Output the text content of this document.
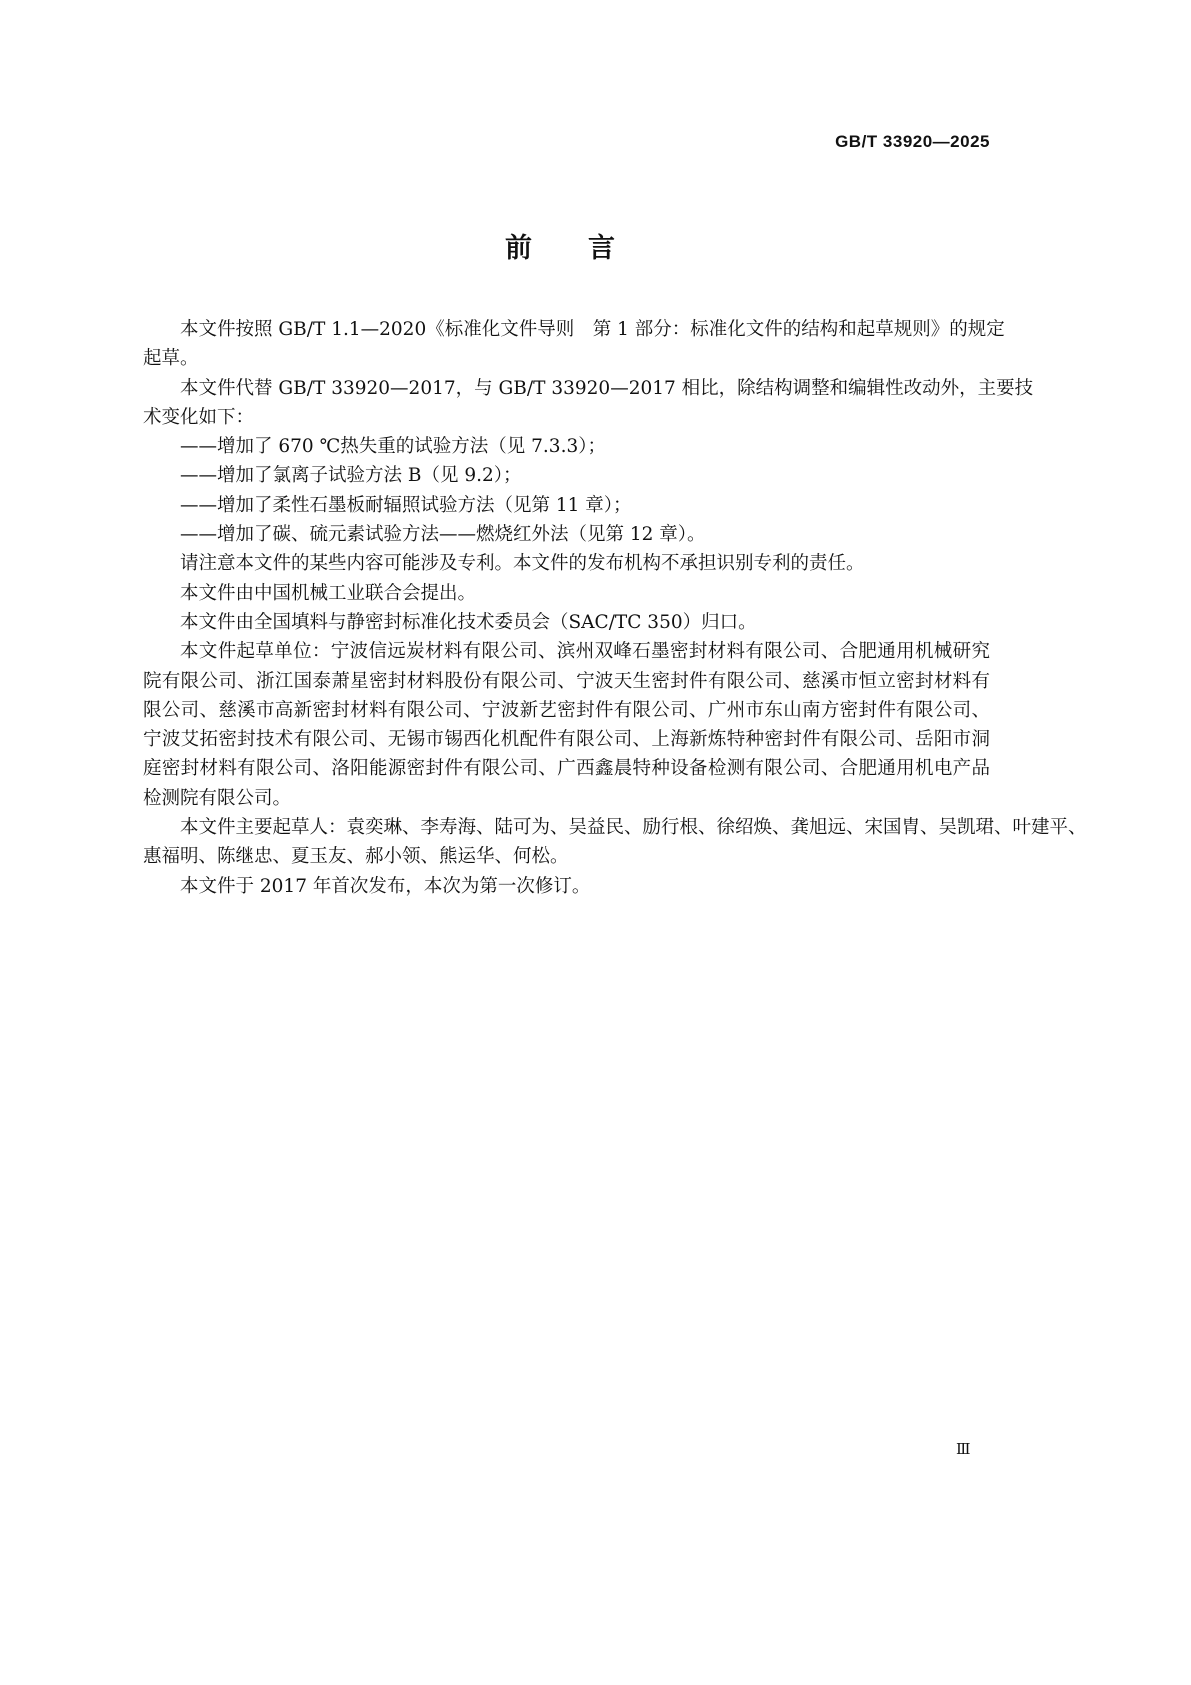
GB/T 33920—2025
前 言
本文件按照 GB/T 1.1—2020《标准化文件导则　第 1 部分：标准化文件的结构和起草规则》的规定
起草。
本文件代替 GB/T 33920—2017，与 GB/T 33920—2017 相比，除结构调整和编辑性改动外，主要技
术变化如下：
——增加了 670 ℃热失重的试验方法（见 7.3.3）；
——增加了氯离子试验方法 B（见 9.2）；
——增加了柔性石墨板耐辐照试验方法（见第 11 章）；
——增加了碳、硫元素试验方法——燃烧红外法（见第 12 章）。
请注意本文件的某些内容可能涉及专利。本文件的发布机构不承担识别专利的责任。
本文件由中国机械工业联合会提出。
本文件由全国填料与静密封标准化技术委员会（SAC/TC 350）归口。
本文件起草单位：宁波信远炭材料有限公司、滨州双峰石墨密封材料有限公司、合肥通用机械研究
院有限公司、浙江国泰萧星密封材料股份有限公司、宁波天生密封件有限公司、慈溪市恒立密封材料有
限公司、慈溪市高新密封材料有限公司、宁波新艺密封件有限公司、广州市东山南方密封件有限公司、
宁波艾拓密封技术有限公司、无锡市锡西化机配件有限公司、上海新炼特种密封件有限公司、岳阳市洞
庭密封材料有限公司、洛阳能源密封件有限公司、广西鑫晨特种设备检测有限公司、合肥通用机电产品
检测院有限公司。
本文件主要起草人：袁奕琳、李寿海、陆可为、吴益民、励行根、徐绍焕、龚旭远、宋国胄、吴凯珺、叶建平、
惠福明、陈继忠、夏玉友、郝小领、熊运华、何松。
本文件于 2017 年首次发布，本次为第一次修订。
Ⅲ
